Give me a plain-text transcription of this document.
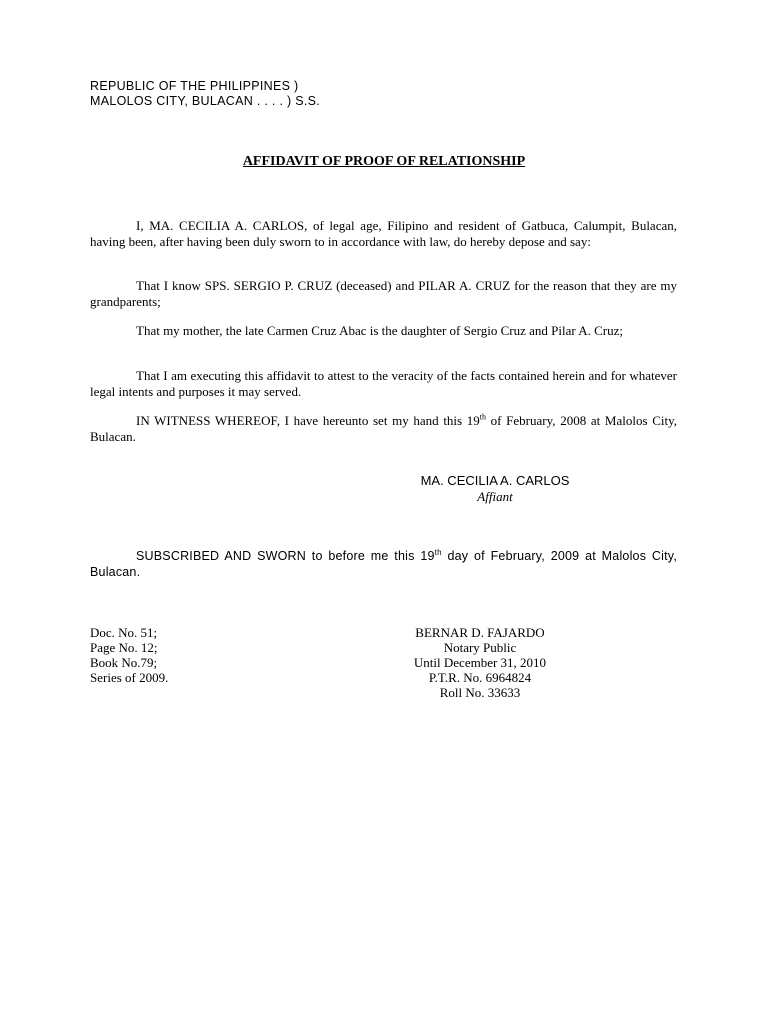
REPUBLIC OF THE PHILIPPINES )
MALOLOS CITY, BULACAN . . . . ) S.S.
AFFIDAVIT OF PROOF OF RELATIONSHIP

I, MA. CECILIA A. CARLOS, of legal age, Filipino and resident of Gatbuca, Calumpit, Bulacan, having been, after having been duly sworn to in accordance with law, do hereby depose and say:

That I know SPS. SERGIO P. CRUZ (deceased) and PILAR A. CRUZ for the reason that they are my grandparents;

That my mother, the late Carmen Cruz Abac is the daughter of Sergio Cruz and Pilar A. Cruz;

That I am executing this affidavit to attest to the veracity of the facts contained herein and for whatever legal intents and purposes it may served.

IN WITNESS WHEREOF, I have hereunto set my hand this 19th of February, 2008 at Malolos City, Bulacan.

MA. CECILIA A. CARLOS
Affiant

SUBSCRIBED AND SWORN to before me this 19th day of February, 2009 at Malolos City, Bulacan.

Doc. No. 51;
Page No. 12;
Book No.79;
Series of 2009.
BERNAR D. FAJARDO
Notary Public
Until December 31, 2010
P.T.R. No. 6964824
Roll No. 33633
